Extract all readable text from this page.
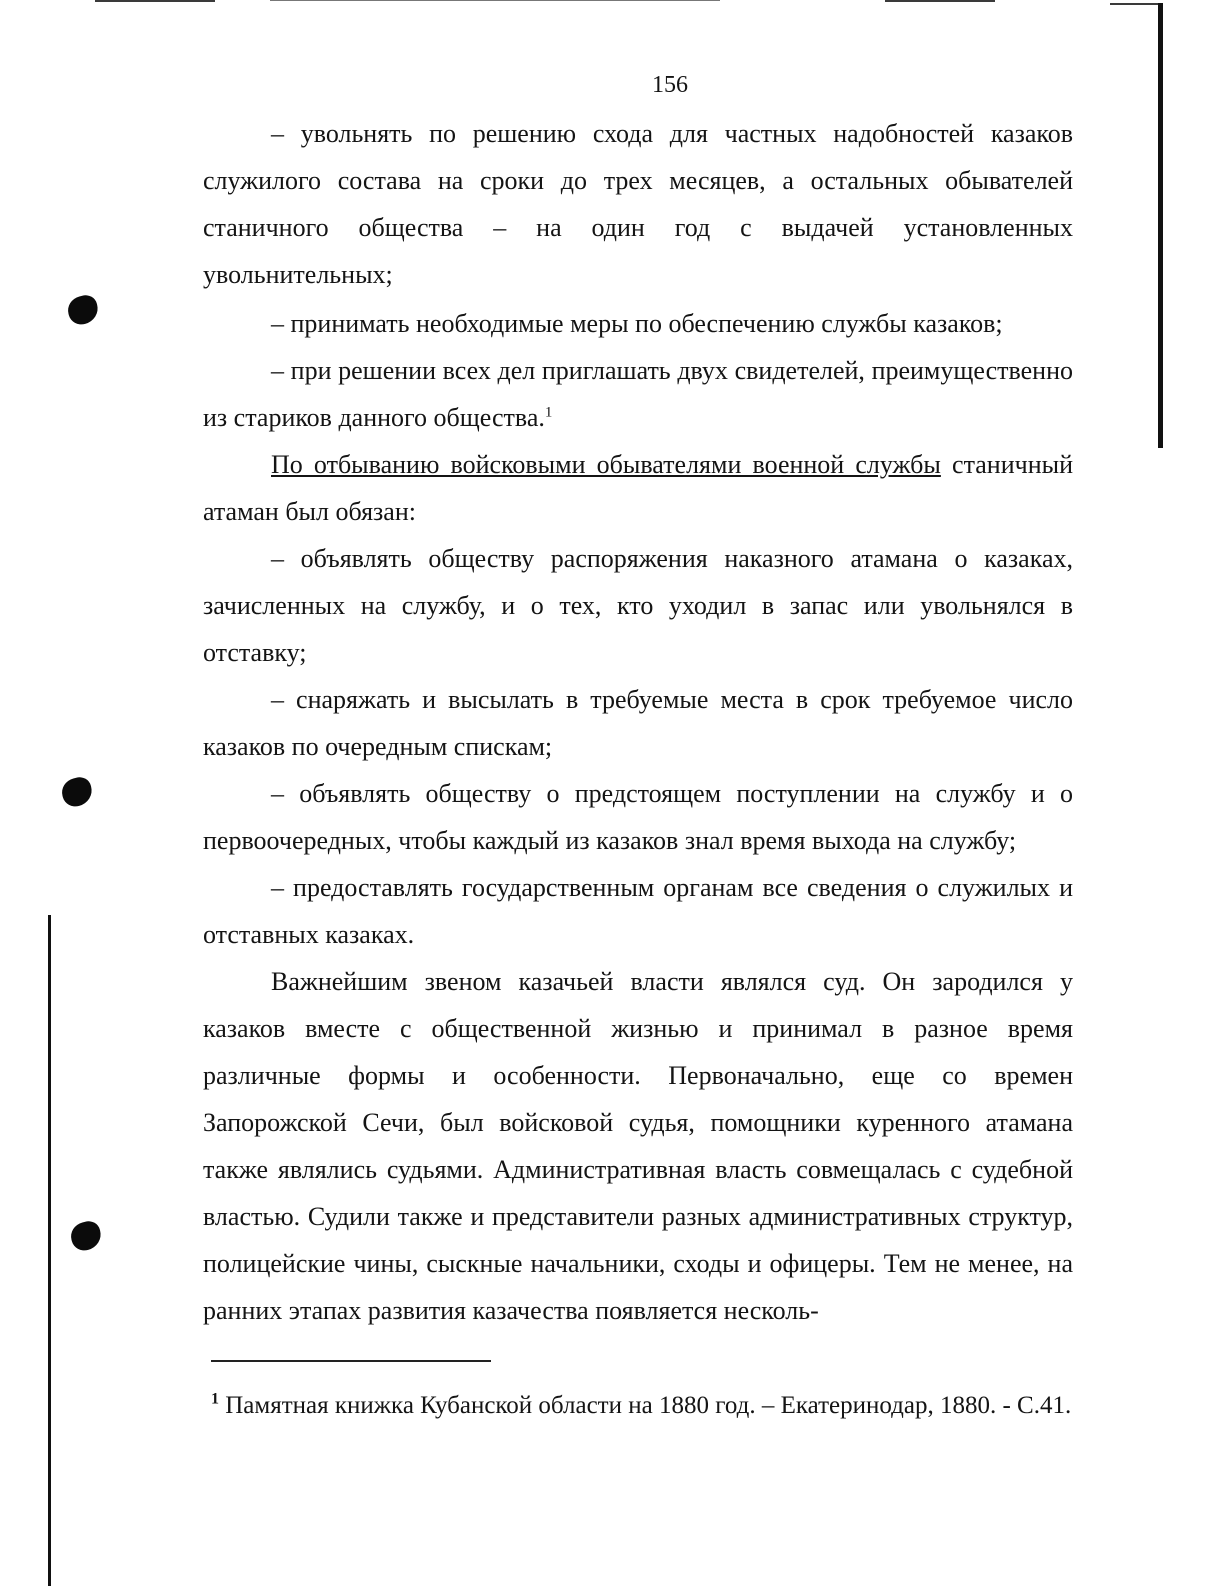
156

– увольнять по решению схода для частных надобностей казаков служилого состава на сроки до трех месяцев, а остальных обывателей станичного общества – на один год с выдачей установленных увольнительных;

– принимать необходимые меры по обеспечению службы казаков;

– при решении всех дел приглашать двух свидетелей, преимущественно из стариков данного общества.$^1$

По отбыванию войсковыми обывателями военной службы станичный атаман был обязан:

– объявлять обществу распоряжения наказного атамана о казаках, зачисленных на службу, и о тех, кто уходил в запас или увольнялся в отставку;

– снаряжать и высылать в требуемые места в срок требуемое число казаков по очередным спискам;

– объявлять обществу о предстоящем поступлении на службу и о первоочередных, чтобы каждый из казаков знал время выхода на службу;

– предоставлять государственным органам все сведения о служилых и отставных казаках.

Важнейшим звеном казачьей власти являлся суд. Он зародился у казаков вместе с общественной жизнью и принимал в разное время различные формы и особенности. Первоначально, еще со времен Запорожской Сечи, был войсковой судья, помощники куренного атамана также являлись судьями. Административная власть совмещалась с судебной властью. Судили также и представители разных административных структур, полицейские чины, сыскные начальники, сходы и офицеры. Тем не менее, на ранних этапах развития казачества появляется несколь-

$^1$ Памятная книжка Кубанской области на 1880 год. – Екатеринодар, 1880. - С.41.
